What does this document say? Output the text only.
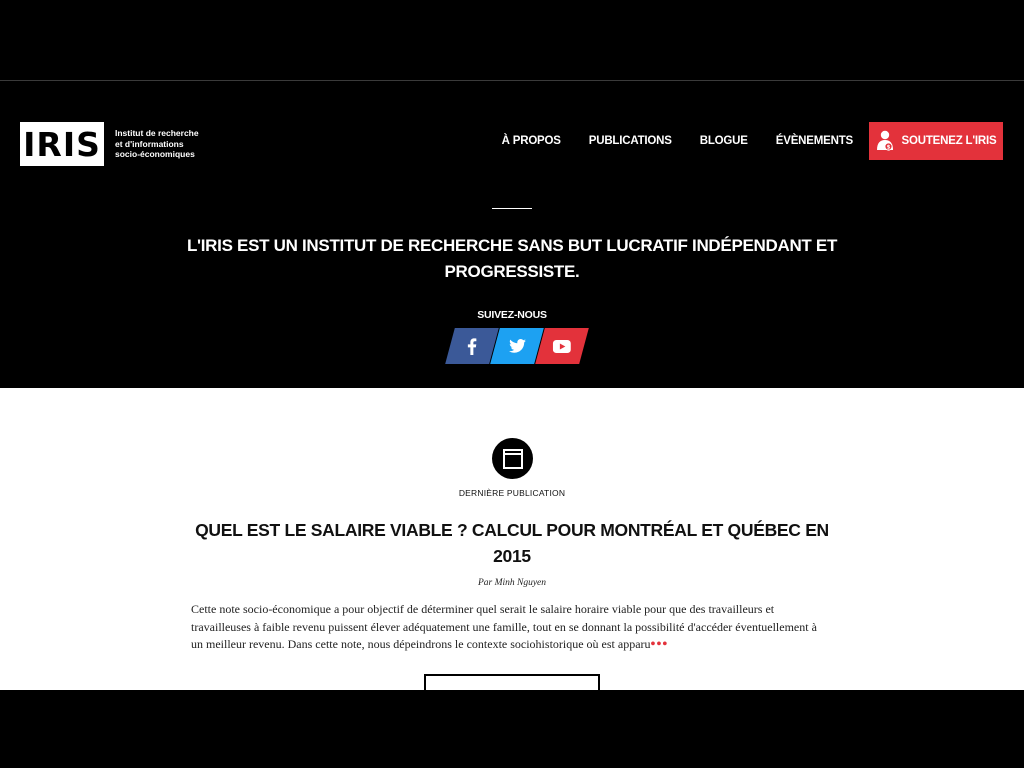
IRIS	Institut de recherche
et d'informations
socio-économiques
À PROPOS PUBLICATIONS BLOGUE ÉVÈNEMENTS
$
SOUTENEZ L'IRIS
L'IRIS EST UN INSTITUT DE RECHERCHE SANS BUT LUCRATIF INDÉPENDANT ET PROGRESSISTE.
SUIVEZ-NOUS
DERNIÈRE PUBLICATION
QUEL EST LE SALAIRE VIABLE ? CALCUL POUR MONTRÉAL ET QUÉBEC EN 2015
Par Minh Nguyen
Cette note socio-économique a pour objectif de déterminer quel serait le salaire horaire viable pour que des travailleurs et travailleuses à faible revenu puissent élever adéquatement une famille, tout en se donnant la possibilité d'accéder éventuellement à un meilleur revenu. Dans cette note, nous dépeindrons le contexte sociohistorique où est apparu•••
